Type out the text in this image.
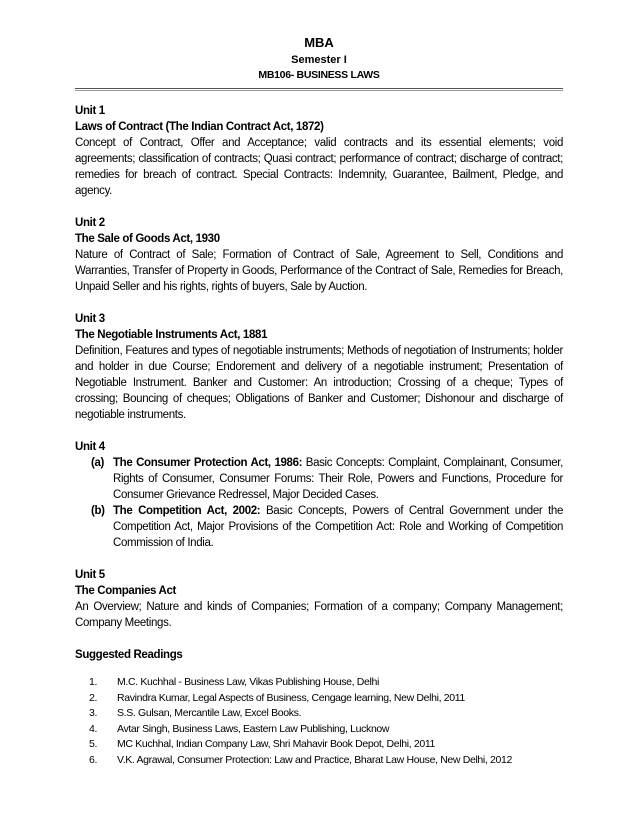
MBA
Semester I
MB106- BUSINESS LAWS
Unit 1
Laws of Contract (The Indian Contract Act, 1872)
Concept of Contract, Offer and Acceptance; valid contracts and its essential elements; void agreements; classification of contracts; Quasi contract; performance of contract; discharge of contract; remedies for breach of contract. Special Contracts: Indemnity, Guarantee, Bailment, Pledge, and agency.
Unit 2
The Sale of Goods Act, 1930
Nature of Contract of Sale; Formation of Contract of Sale, Agreement to Sell, Conditions and Warranties, Transfer of Property in Goods, Performance of the Contract of Sale, Remedies for Breach, Unpaid Seller and his rights, rights of buyers, Sale by Auction.
Unit 3
The Negotiable Instruments Act, 1881
Definition, Features and types of negotiable instruments; Methods of negotiation of Instruments; holder and holder in due Course; Endorement and delivery of a negotiable instrument; Presentation of Negotiable Instrument. Banker and Customer: An introduction; Crossing of a cheque; Types of crossing; Bouncing of cheques; Obligations of Banker and Customer; Dishonour and discharge of negotiable instruments.
Unit 4
(a) The Consumer Protection Act, 1986: Basic Concepts: Complaint, Complainant, Consumer, Rights of Consumer, Consumer Forums: Their Role, Powers and Functions, Procedure for Consumer Grievance Redressel, Major Decided Cases.
(b) The Competition Act, 2002: Basic Concepts, Powers of Central Government under the Competition Act, Major Provisions of the Competition Act: Role and Working of Competition Commission of India.
Unit 5
The Companies Act
An Overview; Nature and kinds of Companies; Formation of a company; Company Management; Company Meetings.
Suggested Readings
1.	M.C. Kuchhal - Business Law, Vikas Publishing House, Delhi
2.	Ravindra Kumar, Legal Aspects of Business, Cengage learning, New Delhi, 2011
3.	S.S. Gulsan, Mercantile Law, Excel Books.
4.	Avtar Singh, Business Laws, Eastern Law Publishing, Lucknow
5.	MC Kuchhal, Indian Company Law, Shri Mahavir Book Depot, Delhi, 2011
6.	V.K. Agrawal, Consumer Protection: Law and Practice, Bharat Law House, New Delhi, 2012
